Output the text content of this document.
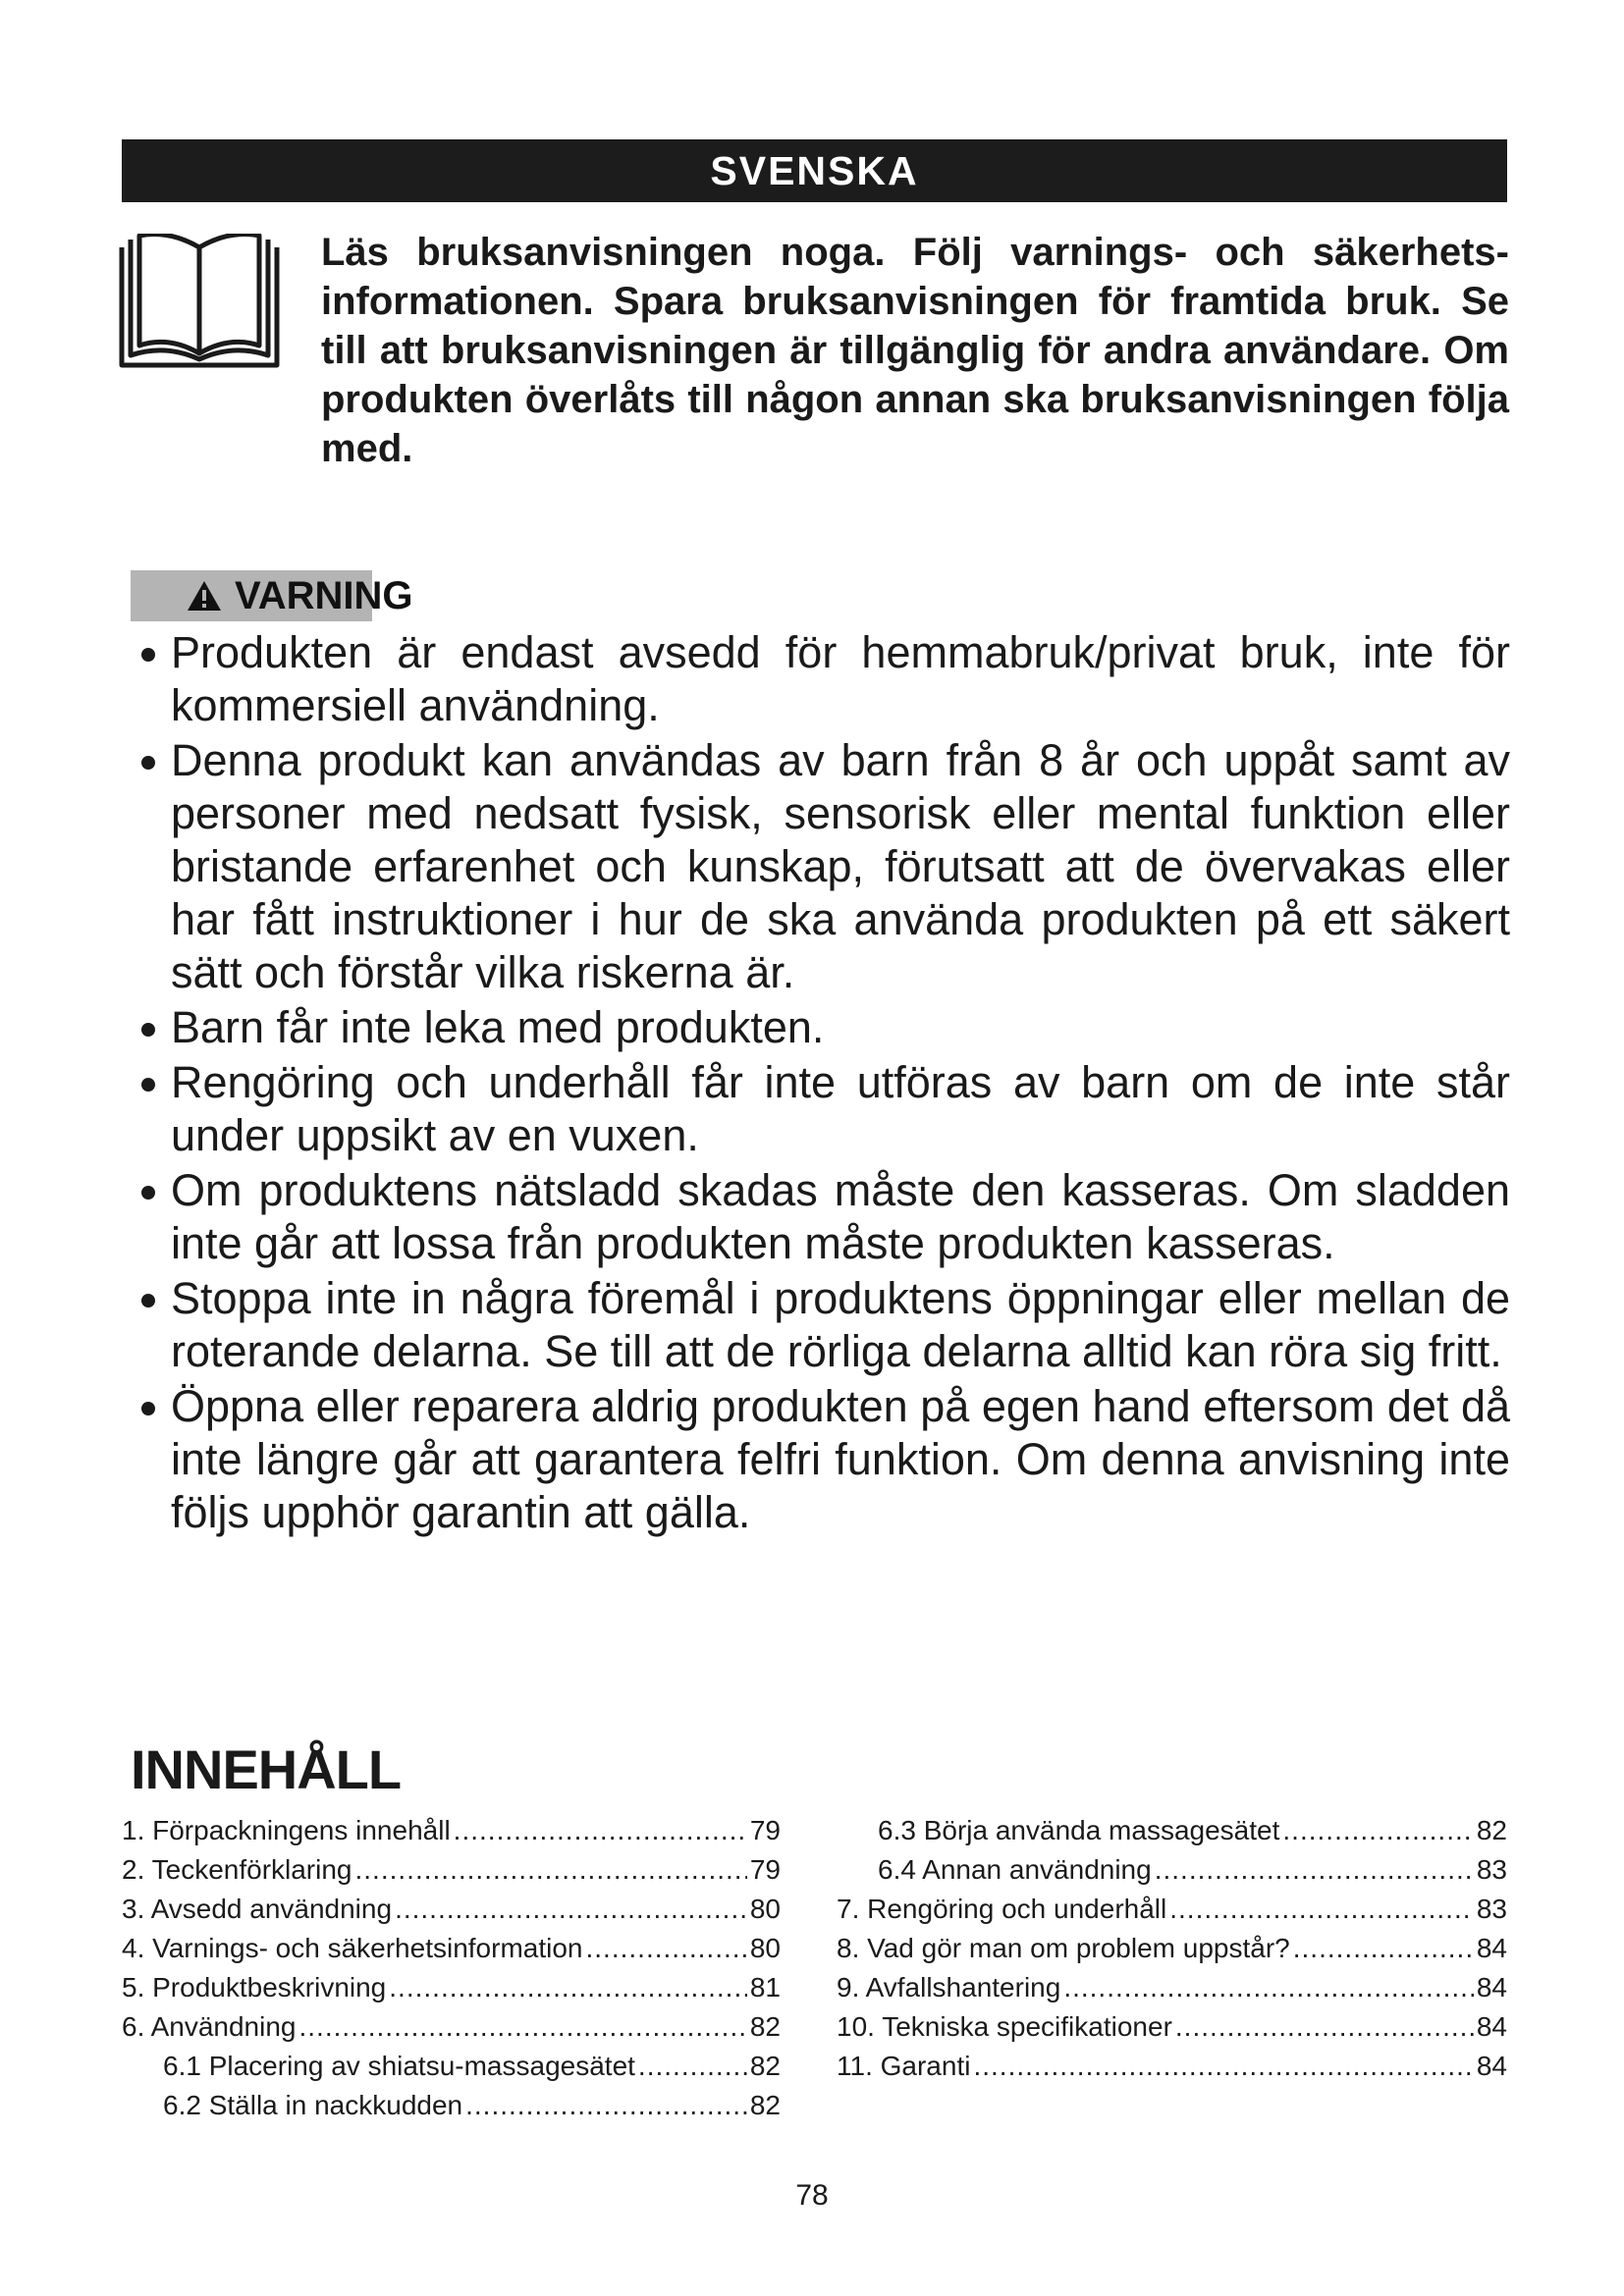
SVENSKA
Läs bruksanvisningen noga. Följ varnings- och säkerhets-informationen. Spara bruksanvisningen för framtida bruk. Se till att bruksanvisningen är tillgänglig för andra användare. Om produkten överlåts till någon annan ska bruksanvisningen följa med.
VARNING
Produkten är endast avsedd för hemmabruk/privat bruk, inte för kommersiell användning.
Denna produkt kan användas av barn från 8 år och uppåt samt av personer med nedsatt fysisk, sensorisk eller mental funktion eller bristande erfarenhet och kunskap, förutsatt att de övervakas eller har fått instruktioner i hur de ska använda produkten på ett säkert sätt och förstår vilka riskerna är.
Barn får inte leka med produkten.
Rengöring och underhåll får inte utföras av barn om de inte står under uppsikt av en vuxen.
Om produktens nätsladd skadas måste den kasseras. Om sladden inte går att lossa från produkten måste produkten kasseras.
Stoppa inte in några föremål i produktens öppningar eller mellan de roterande delarna. Se till att de rörliga delarna alltid kan röra sig fritt.
Öppna eller reparera aldrig produkten på egen hand eftersom det då inte längre går att garantera felfri funktion. Om denna anvisning inte följs upphör garantin att gälla.
INNEHÅLL
1. Förpackningens innehåll .....	79
2. Teckenförklaring .....	79
3. Avsedd användning .....	80
4. Varnings- och säkerhetsinformation .....	80
5. Produktbeskrivning .....	81
6. Användning .....	82
6.1 Placering av shiatsu-massagesätet .....	82
6.2 Ställa in nackkudden .....	82
6.3 Börja använda massagesätet .....	82
6.4 Annan användning .....	83
7. Rengöring och underhåll .....	83
8. Vad gör man om problem uppstår? .....	84
9. Avfallshantering .....	84
10. Tekniska specifikationer .....	84
11. Garanti .....	84
78
